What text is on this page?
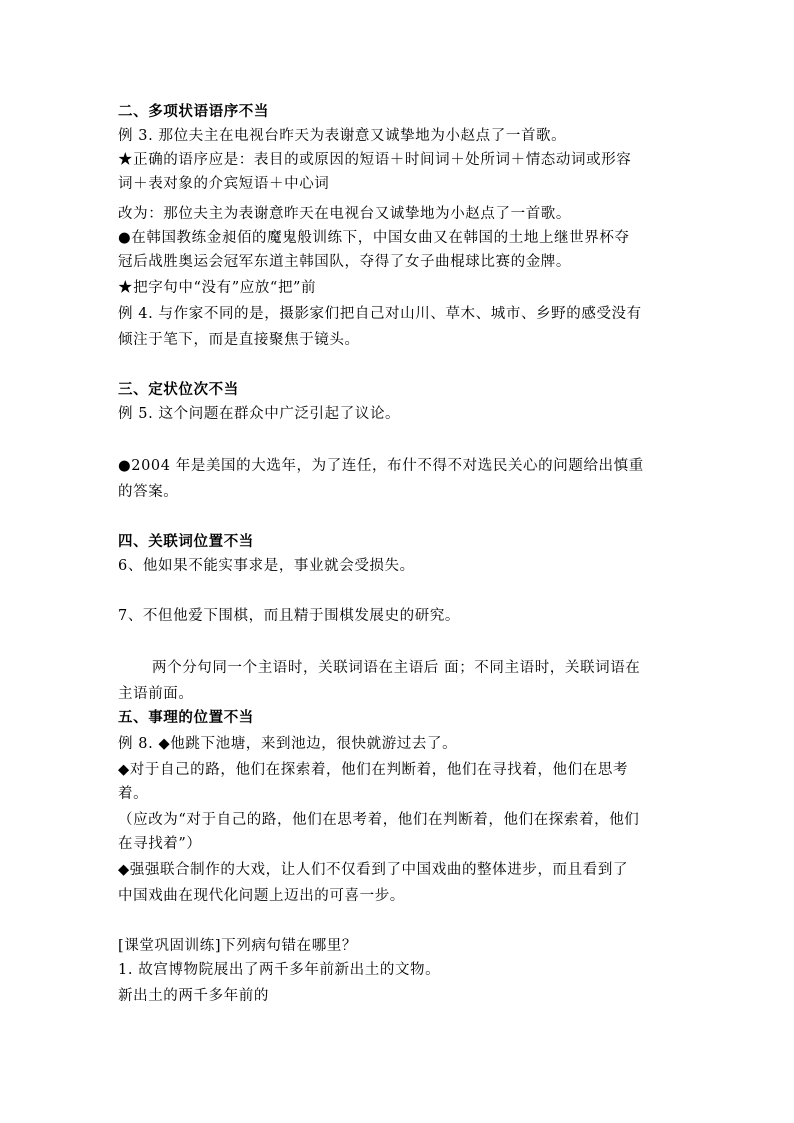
二、多项状语语序不当
例 3. 那位夫主在电视台昨天为表谢意又诚挚地为小赵点了一首歌。
★正确的语序应是：表目的或原因的短语＋时间词＋处所词＋情态动词或形容
词＋表对象的介宾短语＋中心词
改为：那位夫主为表谢意昨天在电视台又诚挚地为小赵点了一首歌。
●在韩国教练金昶佰的魔鬼般训练下，中国女曲又在韩国的土地上继世界杯夺
冠后战胜奥运会冠军东道主韩国队，夺得了女子曲棍球比赛的金牌。
★把字句中“没有”应放“把”前
例 4. 与作家不同的是，摄影家们把自己对山川、草木、城市、乡野的感受没有
倾注于笔下，而是直接聚焦于镜头。
三、定状位次不当
例 5. 这个问题在群众中广泛引起了议论。
●2004 年是美国的大选年，为了连任，布什不得不对选民关心的问题给出慎重
的答案。
四、关联词位置不当
6、他如果不能实事求是，事业就会受损失。
7、不但他爱下围棋，而且精于围棋发展史的研究。
两个分句同一个主语时，关联词语在主语后 面；不同主语时，关联词语在
主语前面。
五、事理的位置不当
例 8. ◆他跳下池塘，来到池边，很快就游过去了。
◆对于自己的路，他们在探索着，他们在判断着，他们在寻找着，他们在思考
着。
（应改为“对于自己的路，他们在思考着，他们在判断着，他们在探索着，他们
在寻找着”）
◆强强联合制作的大戏，让人们不仅看到了中国戏曲的整体进步，而且看到了
中国戏曲在现代化问题上迈出的可喜一步。
[课堂巩固训练]下列病句错在哪里？
1. 故宫博物院展出了两千多年前新出土的文物。
新出土的两千多年前的
